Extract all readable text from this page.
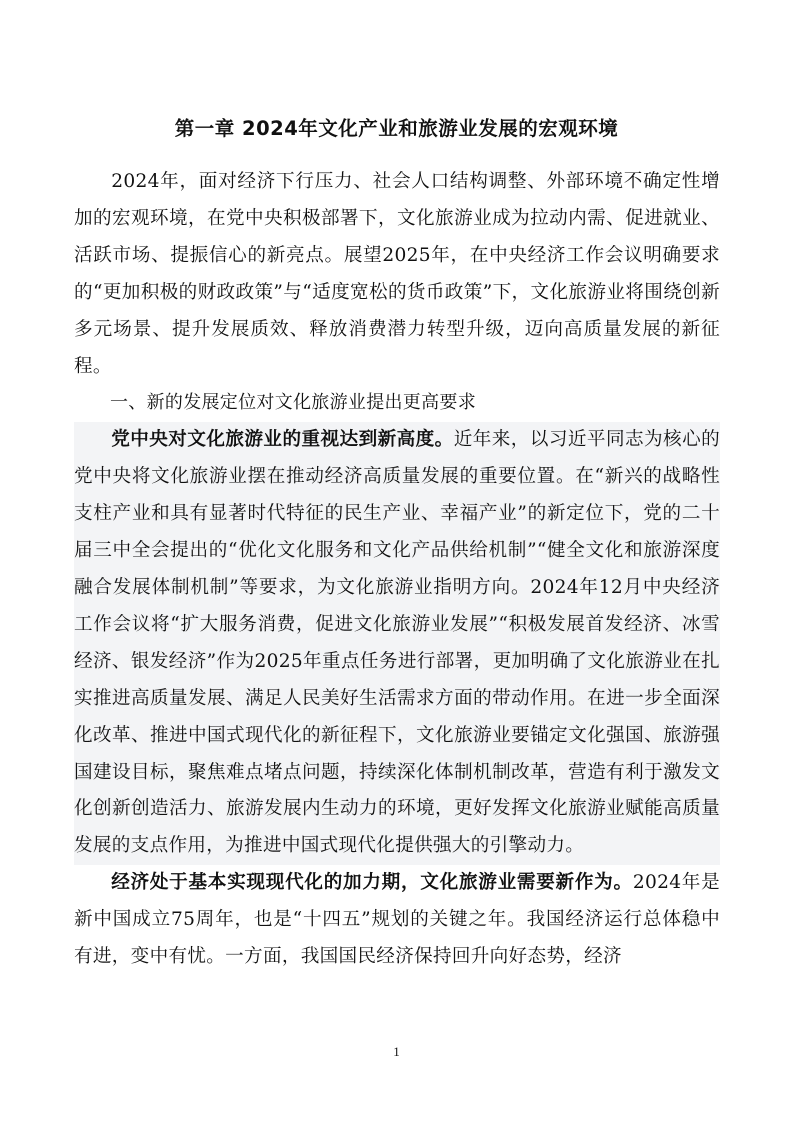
第一章 2024年文化产业和旅游业发展的宏观环境

2024年，面对经济下行压力、社会人口结构调整、外部环境不确定性增加的宏观环境，在党中央积极部署下，文化旅游业成为拉动内需、促进就业、活跃市场、提振信心的新亮点。展望2025年，在中央经济工作会议明确要求的“更加积极的财政政策”与“适度宽松的货币政策”下，文化旅游业将围绕创新多元场景、提升发展质效、释放消费潜力转型升级，迈向高质量发展的新征程。

一、新的发展定位对文化旅游业提出更高要求

党中央对文化旅游业的重视达到新高度。近年来，以习近平同志为核心的党中央将文化旅游业摆在推动经济高质量发展的重要位置。在“新兴的战略性支柱产业和具有显著时代特征的民生产业、幸福产业”的新定位下，党的二十届三中全会提出的“优化文化服务和文化产品供给机制”“健全文化和旅游深度融合发展体制机制”等要求，为文化旅游业指明方向。2024年12月中央经济工作会议将“扩大服务消费，促进文化旅游业发展”“积极发展首发经济、冰雪经济、银发经济”作为2025年重点任务进行部署，更加明确了文化旅游业在扎实推进高质量发展、满足人民美好生活需求方面的带动作用。在进一步全面深化改革、推进中国式现代化的新征程下，文化旅游业要锚定文化强国、旅游强国建设目标，聚焦难点堵点问题，持续深化体制机制改革，营造有利于激发文化创新创造活力、旅游发展内生动力的环境，更好发挥文化旅游业赋能高质量发展的支点作用，为推进中国式现代化提供强大的引擎动力。

经济处于基本实现现代化的加力期，文化旅游业需要新作为。2024年是新中国成立75周年，也是“十四五”规划的关键之年。我国经济运行总体稳中有进，变中有忧。一方面，我国国民经济保持回升向好态势，经济

1
